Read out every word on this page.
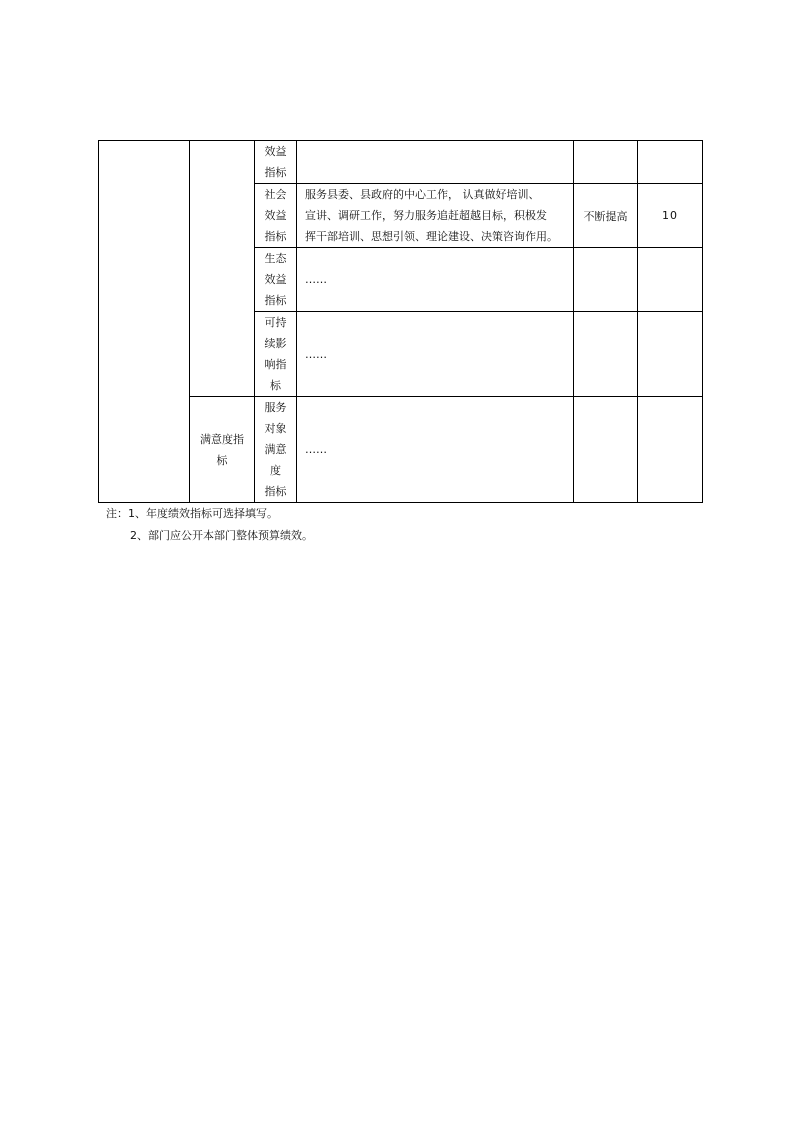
		效益
指标			
		社会
效益
指标	服务县委、县政府的中心工作， 认真做好培训、
宣讲、调研工作，努力服务追赶超越目标，积极发
挥干部培训、思想引领、理论建设、决策咨询作用。	不断提高	10
		生态
效益
指标	……		
		可持
续影
响指
标	……		
	满意度指
标	服务
对象
满意
度
指标	……		
注：1、年度绩效指标可选择填写。
2、部门应公开本部门整体预算绩效。
